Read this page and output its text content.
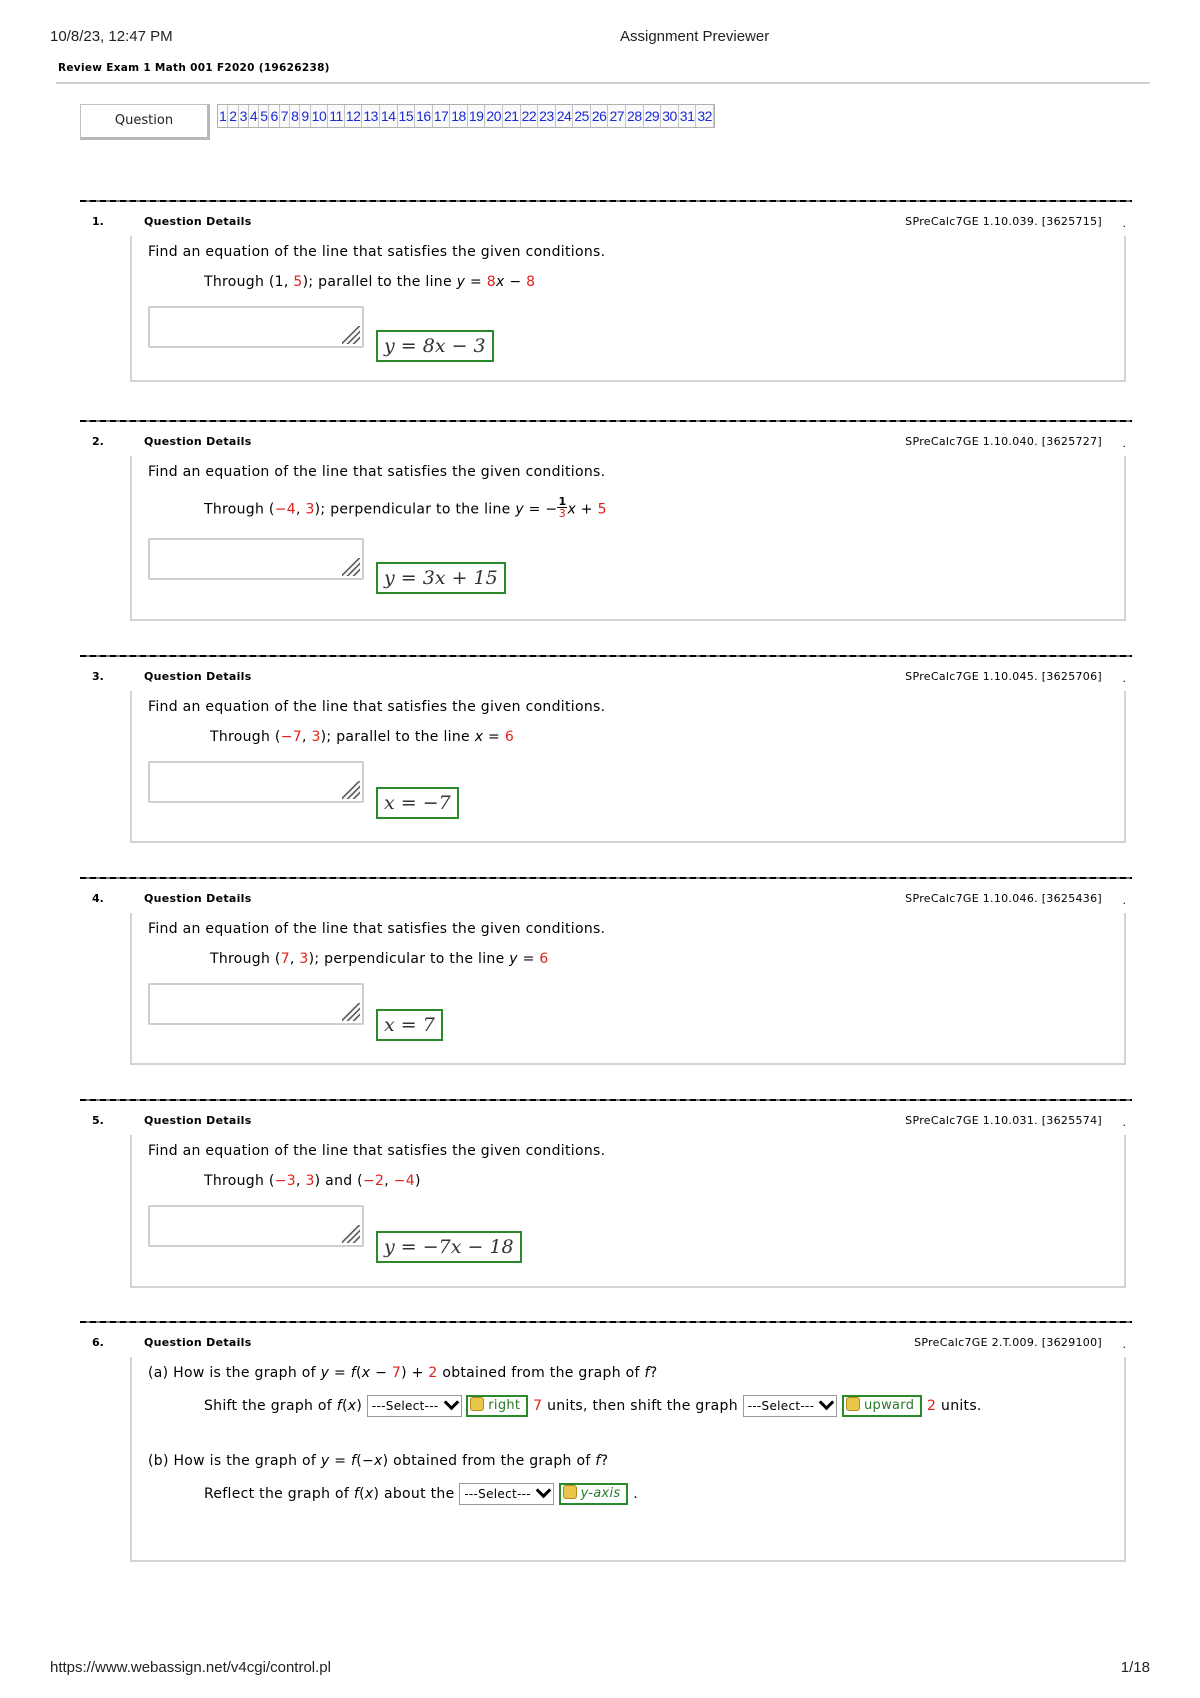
10/8/23, 12:47 PM	Assignment Previewer
Review Exam 1 Math 001 F2020 (19626238)
Question	1 2 3 4 5 6 7 8 9 10 11 12 13 14 15 16 17 18 19 20 21 22 23 24 25 26 27 28 29 30 31 32
1.	Question Details	SPreCalc7GE 1.10.039. [3625715] .
Find an equation of the line that satisfies the given conditions.
Through (1, 5); parallel to the line y = 8x − 8
y = 8x − 3
2.	Question Details	SPreCalc7GE 1.10.040. [3625727] .
Find an equation of the line that satisfies the given conditions.
Through (−4, 3); perpendicular to the line y = − $\frac{1}{3}$ x + 5
y = 3x + 15
3.	Question Details	SPreCalc7GE 1.10.045. [3625706] .
Find an equation of the line that satisfies the given conditions.
Through (−7, 3); parallel to the line x = 6
x = −7
4.	Question Details	SPreCalc7GE 1.10.046. [3625436] .
Find an equation of the line that satisfies the given conditions.
Through (7, 3); perpendicular to the line y = 6
x = 7
5.	Question Details	SPreCalc7GE 1.10.031. [3625574] .
Find an equation of the line that satisfies the given conditions.
Through (−3, 3) and (−2, −4)
y = −7x − 18
6.	Question Details	SPreCalc7GE 2.T.009. [3629100] .
(a) How is the graph of y = f(x − 7) + 2 obtained from the graph of f?
Shift the graph of f(x) ---Select---	right 7 units, then shift the graph ---Select---	upward 2 units.
(b) How is the graph of y = f(−x) obtained from the graph of f?
Reflect the graph of f(x) about the ---Select---	y-axis .
https://www.webassign.net/v4cgi/control.pl	1/18
